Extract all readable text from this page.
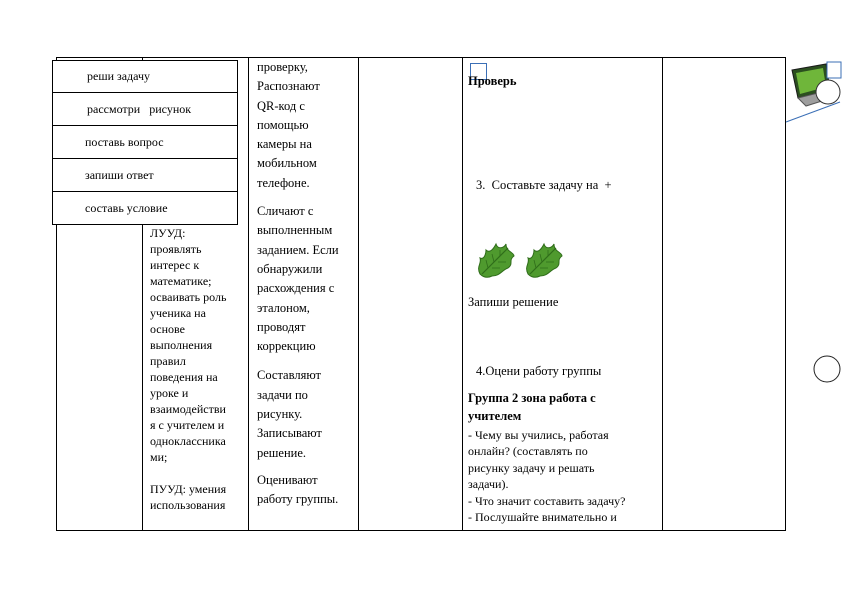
ЛУУД:
проявлять
интерес к
математике;
осваивать роль
ученика на
основе
выполнения
правил
поведения на
уроке и
взаимодействи
я с учителем и
одноклассника
ми;
ПУУД: умения
использования
реши задачу
рассмотри   рисунок
поставь вопрос
запиши ответ
составь условие
проверку,
Распознают
QR-код с
помощью
камеры на
мобильном
телефоне.
Сличают с
выполненным
заданием. Если
обнаружили
расхождения с
эталоном,
проводят
коррекцию
Составляют
задачи по
рисунку.
Записывают
решение.
Оценивают
работу группы.
Проверь
3.  Составьте задачу на  +
Запиши решение
4.Оцени работу группы
Группа 2 зона работа с
учителем
- Чему вы учились, работая
онлайн? (составлять по
рисунку задачу и решать
задачи).
- Что значит составить задачу?
- Послушайте внимательно и
